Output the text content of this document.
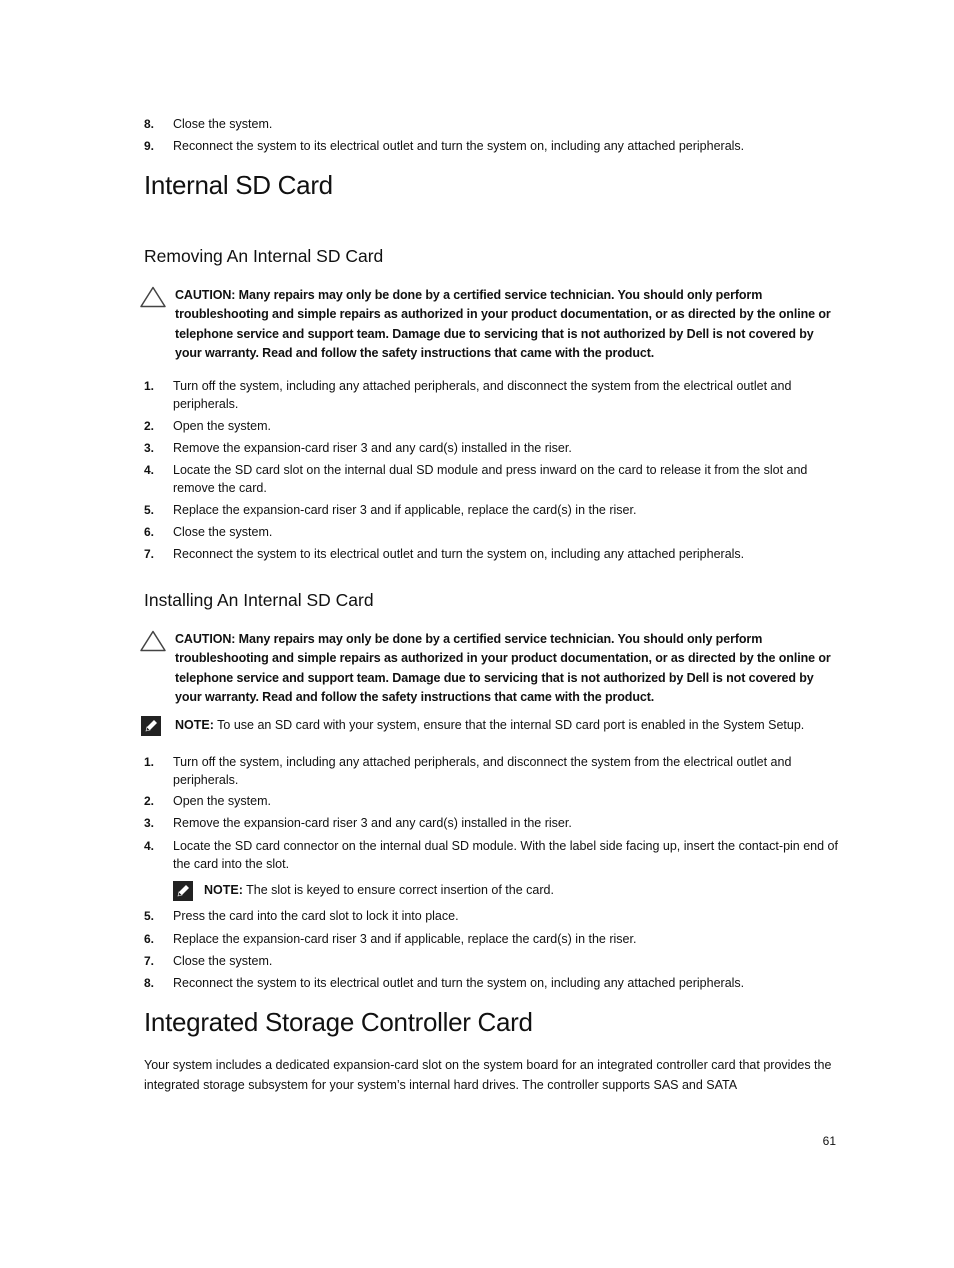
8. Close the system.
9. Reconnect the system to its electrical outlet and turn the system on, including any attached peripherals.
Internal SD Card
Removing An Internal SD Card
CAUTION: Many repairs may only be done by a certified service technician. You should only perform troubleshooting and simple repairs as authorized in your product documentation, or as directed by the online or telephone service and support team. Damage due to servicing that is not authorized by Dell is not covered by your warranty. Read and follow the safety instructions that came with the product.
1. Turn off the system, including any attached peripherals, and disconnect the system from the electrical outlet and peripherals.
2. Open the system.
3. Remove the expansion-card riser 3 and any card(s) installed in the riser.
4. Locate the SD card slot on the internal dual SD module and press inward on the card to release it from the slot and remove the card.
5. Replace the expansion-card riser 3 and if applicable, replace the card(s) in the riser.
6. Close the system.
7. Reconnect the system to its electrical outlet and turn the system on, including any attached peripherals.
Installing An Internal SD Card
CAUTION: Many repairs may only be done by a certified service technician. You should only perform troubleshooting and simple repairs as authorized in your product documentation, or as directed by the online or telephone service and support team. Damage due to servicing that is not authorized by Dell is not covered by your warranty. Read and follow the safety instructions that came with the product.
NOTE: To use an SD card with your system, ensure that the internal SD card port is enabled in the System Setup.
1. Turn off the system, including any attached peripherals, and disconnect the system from the electrical outlet and peripherals.
2. Open the system.
3. Remove the expansion-card riser 3 and any card(s) installed in the riser.
4. Locate the SD card connector on the internal dual SD module. With the label side facing up, insert the contact-pin end of the card into the slot.
NOTE: The slot is keyed to ensure correct insertion of the card.
5. Press the card into the card slot to lock it into place.
6. Replace the expansion-card riser 3 and if applicable, replace the card(s) in the riser.
7. Close the system.
8. Reconnect the system to its electrical outlet and turn the system on, including any attached peripherals.
Integrated Storage Controller Card
Your system includes a dedicated expansion-card slot on the system board for an integrated controller card that provides the integrated storage subsystem for your system’s internal hard drives. The controller supports SAS and SATA
61
